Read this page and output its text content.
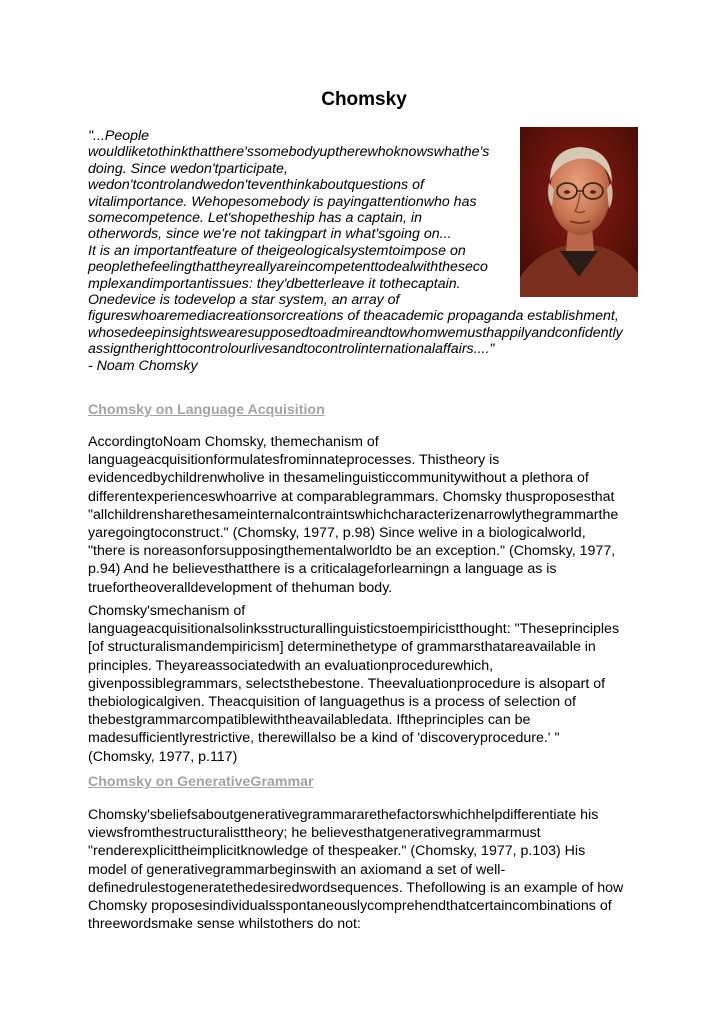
Chomsky
"...People
wouldliketothinkthatthere'ssomebodyuptherewhoknowswhathe's
doing. Since wedon'tparticipate,
wedon'tcontrolandwedon'teventhinkaboutquestions of
vitalimportance. Wehopesomebody is payingattentionwho has
somecompetence. Let'shopetheship has a captain, in
otherwords, since we're not takingpart in what'sgoing on...
It is an importantfeature of theigeologicalsystemtoimpose on
peoplethefeelingthattheyreallyareincompetenttodealwiththeseco
mplexandimportantissues: they'dbetterleave it tothecaptain.
Onedevice is todevelop a star system, an array of
figureswhoaremediacreationsorcreations of theacademic propaganda establishment,
whosedeepinsightswearesupposedtoadmireandtowhomwemusthappilyandconfidently
assigntherighttocontrolourlivesandtocontrolinternationalaffairs...."
- Noam Chomsky
Chomsky on Language Acquisition
AccordingtoNoam Chomsky, themechanism of
languageacquisitionformulatesfrominnateprocesses. Thistheory is
evidencedbychildrenwholive in thesamelinguisticcommunitywithout a plethora of
differentexperienceswhoarrive at comparablegrammars. Chomsky thusproposesthat
"allchildrensharethesameinternalcontraintswhichcharacterizenarrowlythegrammarthe
yaregoingtoconstruct." (Chomsky, 1977, p.98) Since welive in a biologicalworld,
"there is noreasonforsupposingthementalworldto be an exception." (Chomsky, 1977,
p.94) And he believesthatthere is a criticalageforlearningn a language as is
truefortheoveralldevelopment of thehuman body.
Chomsky'smechanism of
languageacquisitionalsolinksstructurallinguisticstoempiricistthought: "Theseprinciples
[of structuralismandempiricism] determinethetype of grammarsthatareavailable in
principles. Theyareassociatedwith an evaluationprocedurewhich,
givenpossiblegrammars, selectsthebestone. Theevaluationprocedure is alsopart of
thebiologicalgiven. Theacquisition of languagethus is a process of selection of
thebestgrammarcompatiblewiththeavailabledata. Iftheprinciples can be
madesufficientlyrestrictive, therewillalso be a kind of 'discoveryprocedure.' "
(Chomsky, 1977, p.117)
Chomsky on GenerativeGrammar
Chomsky'sbeliefsaboutgenerativegrammararethefactorswhichhelpdifferentiate his
viewsfromthestructuralisttheory; he believesthatgenerativegrammarmust
"renderexplicittheimplicitknowledge of thespeaker." (Chomsky, 1977, p.103) His
model of generativegrammarbeginswith an axiomand a set of well-
definedrulestogeneratethedesiredwordsequences. Thefollowing is an example of how
Chomsky proposesindividualsspontaneouslycomprehendthatcertaincombinations of
threewordsmake sense whilstothers do not:
